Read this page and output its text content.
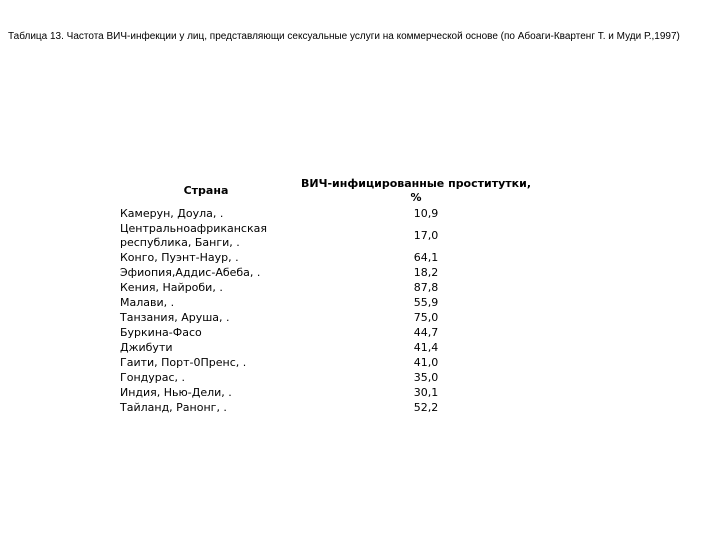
Таблица 13. Частота ВИЧ-инфекции у лиц, представляющи сексуальные услуги на коммерческой основе (по Абоаги-Квартенг Т. и Муди Р.,1997)
Страна	ВИЧ-инфицированные проститутки, %
Камерун, Доула, .	10,9
Центральноафриканская республика, Банги, .	17,0
Конго, Пуэнт-Наур, .	64,1
Эфиопия,Аддис-Абеба, .	18,2
Кения, Найроби, .	87,8
Малави, .	55,9
Танзания, Аруша, .	75,0
Буркина-Фасо	44,7
Джибути	41,4
Гаити, Порт-0Пренс, .	41,0
Гондурас, .	35,0
Индия, Нью-Дели, .	30,1
Тайланд, Ранонг, .	52,2
